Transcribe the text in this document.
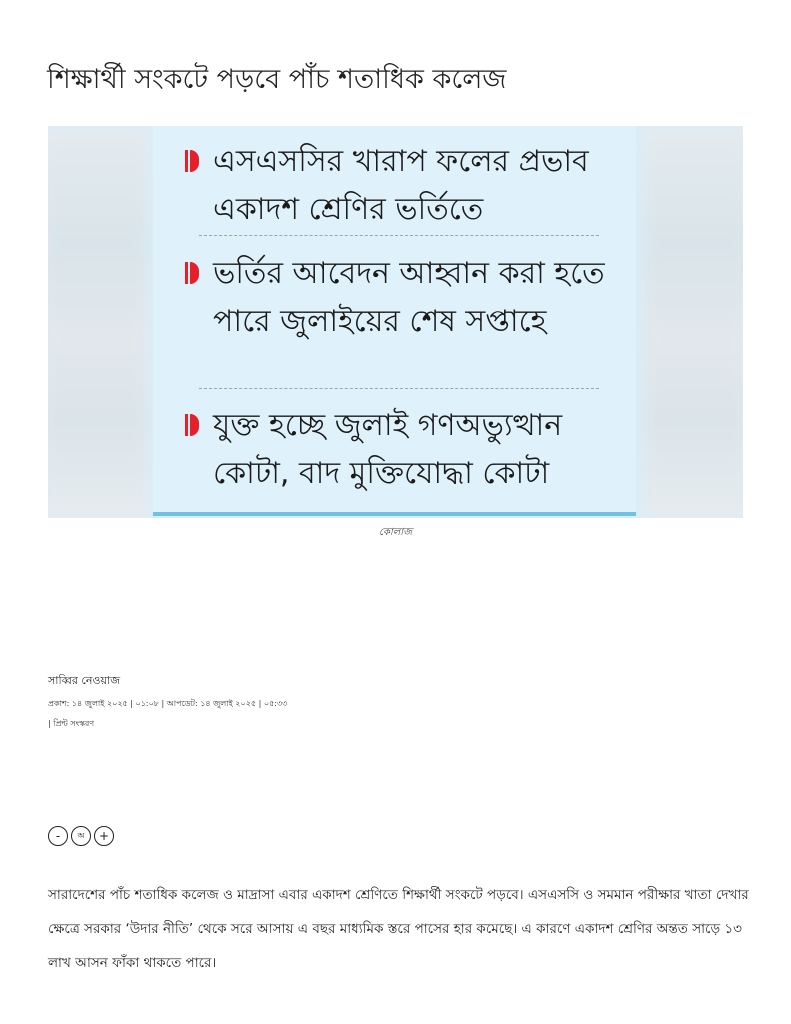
শিক্ষার্থী সংকটে পড়বে পাঁচ শতাধিক কলেজ
এসএসসির খারাপ ফলের প্রভাব একাদশ শ্রেণির ভর্তিতে
ভর্তির আবেদন আহ্বান করা হতে পারে জুলাইয়ের শেষ সপ্তাহে
যুক্ত হচ্ছে জুলাই গণঅভ্যুত্থান কোটা, বাদ মুক্তিযোদ্ধা কোটা
কোলাজ
সাব্বির নেওয়াজ
প্রকাশ: ১৪ জুলাই ২০২৫ | ০১:০৮ | আপডেট: ১৪ জুলাই ২০২৫ | ০৫:৩৩
| প্রিন্ট সংস্করণ
-	অ	+

সারাদেশের পাঁচ শতাধিক কলেজ ও মাদ্রাসা এবার একাদশ শ্রেণিতে শিক্ষার্থী সংকটে পড়বে। এসএসসি ও সমমান পরীক্ষার খাতা দেখার ক্ষেত্রে সরকার ‘উদার নীতি’ থেকে সরে আসায় এ বছর মাধ্যমিক স্তরে পাসের হার কমেছে। এ কারণে একাদশ শ্রেণির অন্তত সাড়ে ১৩ লাখ আসন ফাঁকা থাকতে পারে।
